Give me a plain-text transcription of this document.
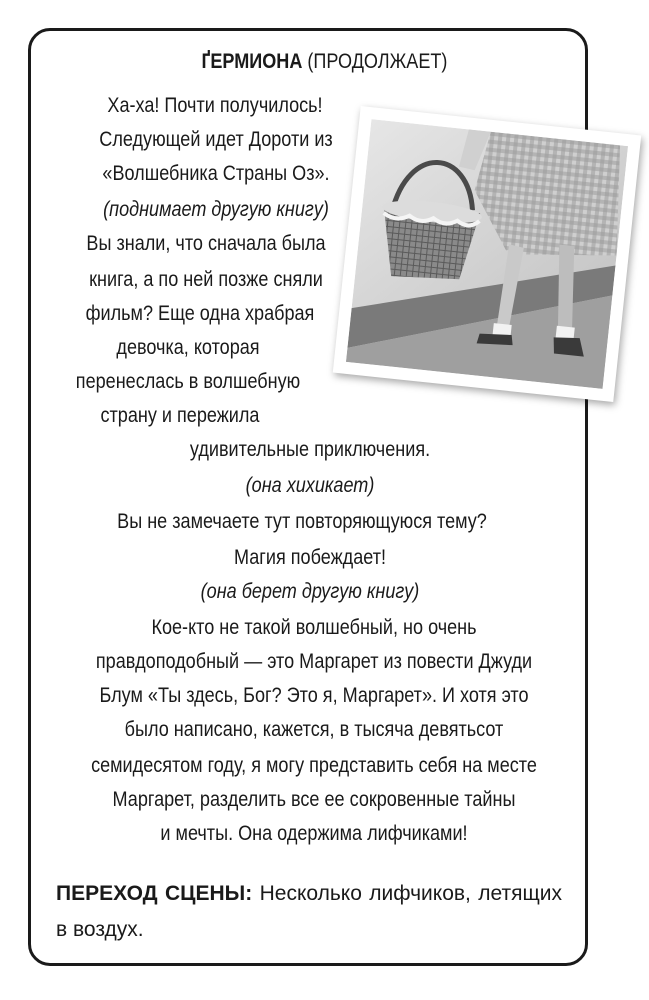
ҐЕРМИОНА (ПРОДОЛЖАЕТ)
Ха-ха! Почти получилось!
Следующей идет Дороти из
«Волшебника Страны Оз».
(поднимает другую книгу)
Вы знали, что сначала была
книга, а по ней позже сняли
фильм? Еще одна храбрая
девочка, которая
перенеслась в волшебную
страну и пережила
удивительные приключения.
(она хихикает)
Вы не замечаете тут повторяющуюся тему?
Магия побеждает!
(она берет другую книгу)
Кое-кто не такой волшебный, но очень
правдоподобный — это Маргарет из повести Джуди
Блум «Ты здесь, Бог? Это я, Маргарет». И хотя это
было написано, кажется, в тысяча девятьсот
семидесятом году, я могу представить себя на месте
Маргарет, разделить все ее сокровенные тайны
и мечты. Она одержима лифчиками!
ПЕРЕХОД СЦЕНЫ: Несколько лифчиков, летящих в воздух.
